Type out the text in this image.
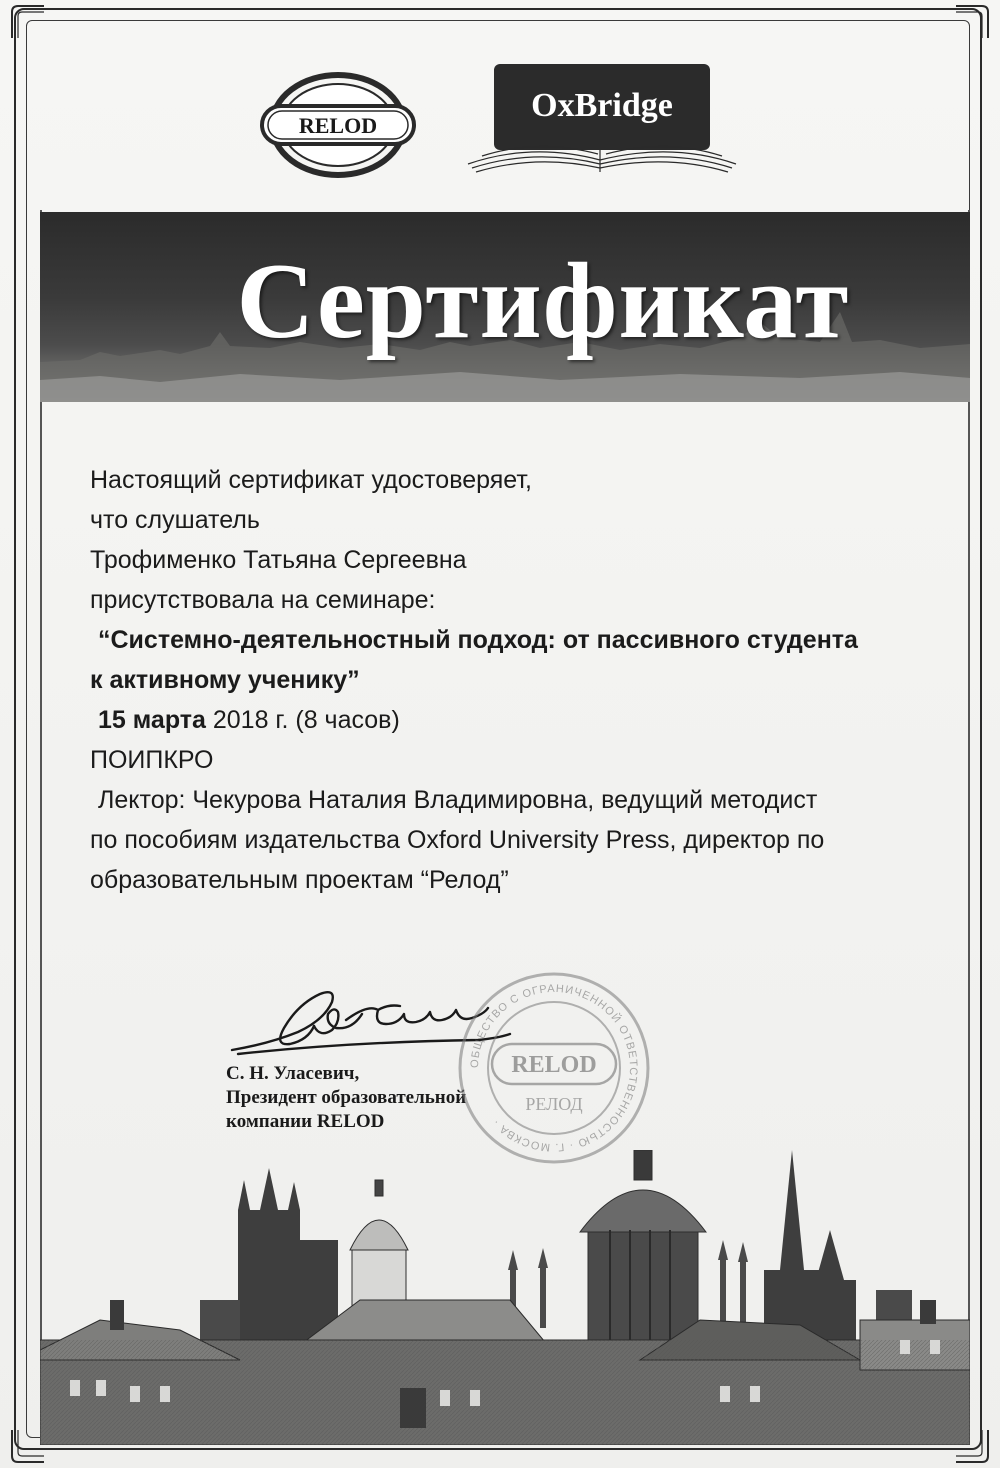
RELOD
OxBridge
Сертификат
Настоящий сертификат удостоверяет,
что слушатель
Трофименко Татьяна Сергеевна
присутствовала на семинаре:
“Системно-деятельностный подход: от пассивного студента
к активному ученику”
15 марта 2018 г. (8 часов)
ПОИПКРО
Лектор: Чекурова Наталия Владимировна, ведущий методист
по пособиям издательства Oxford University Press, директор по
образовательным проектам “Релод”
С. Н. Уласевич,
Президент образовательной
компании RELOD
ОБЩЕСТВО С ОГРАНИЧЕННОЙ ОТВЕТСТВЕННОСТЬЮ · Г. МОСКВА ·
RELOD
РЕЛОД
